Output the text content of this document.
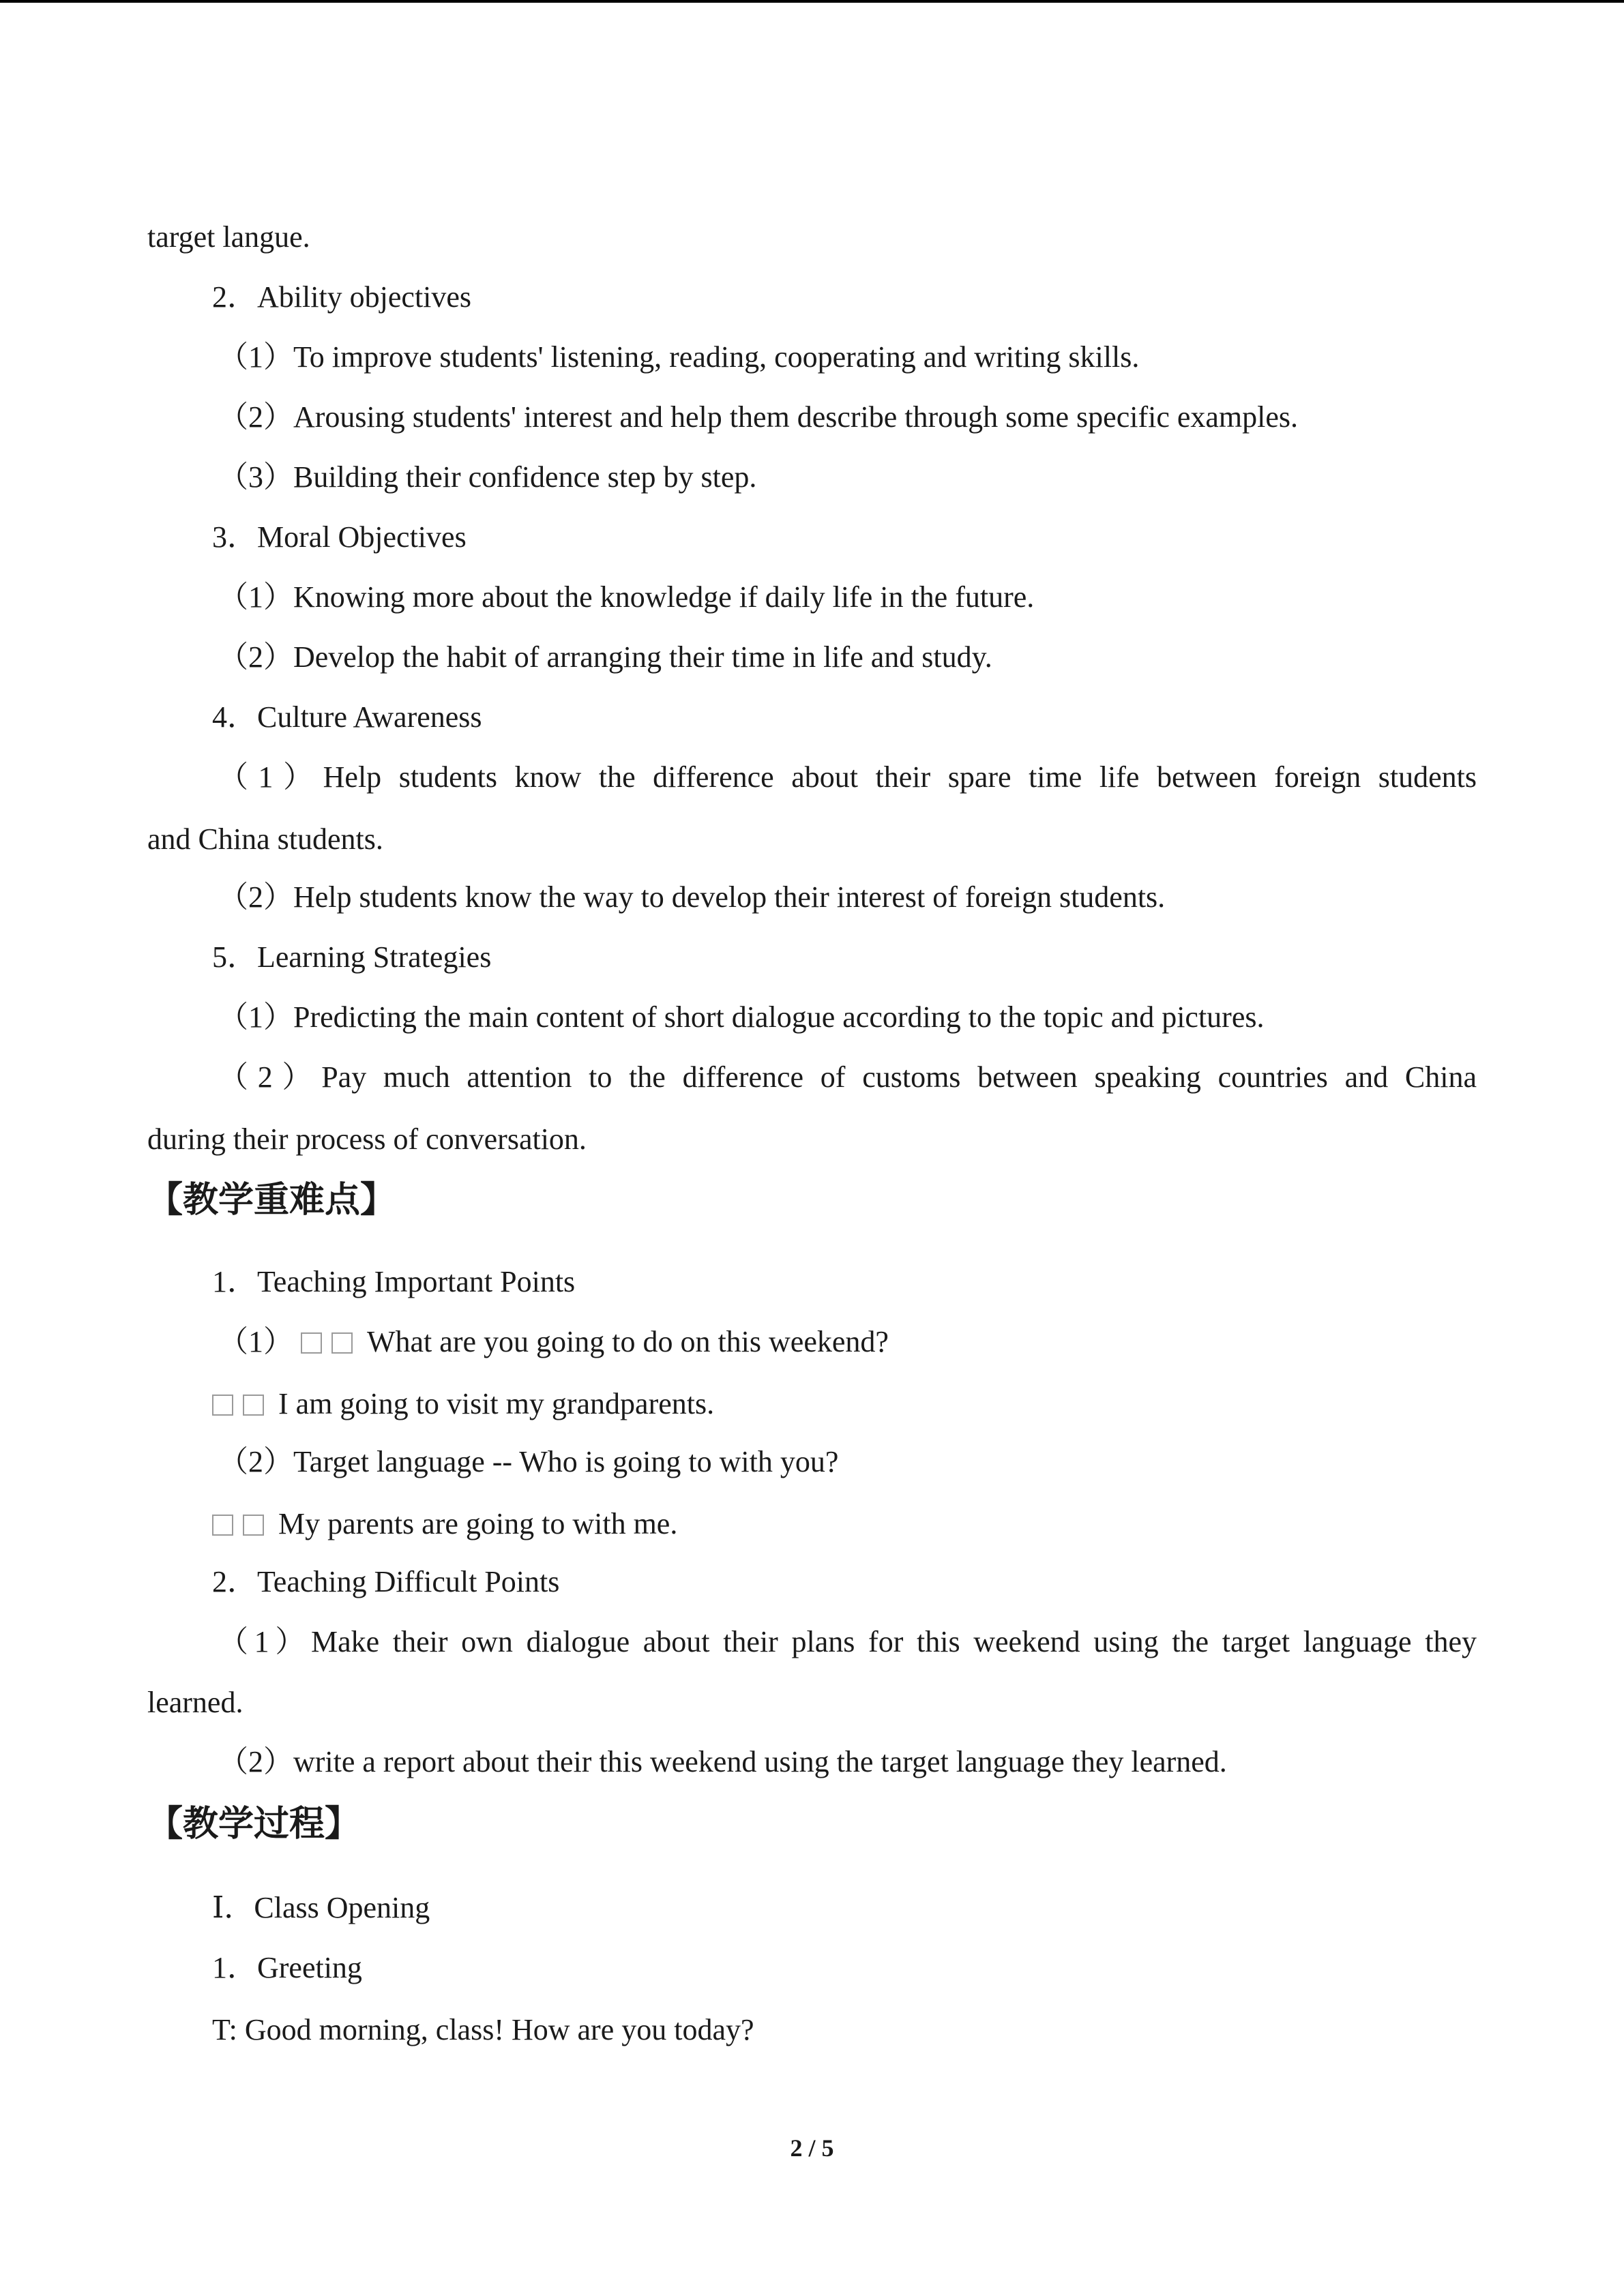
target langue.
2．Ability objectives
（1）To improve students' listening, reading, cooperating and writing skills.
（2）Arousing students' interest and help them describe through some specific examples.
（3）Building their confidence step by step.
3．Moral Objectives
（1）Knowing more about the knowledge if daily life in the future.
（2）Develop the habit of arranging their time in life and study.
4．Culture Awareness
（1）Help students know the difference about their spare time life between foreign students
and China students.
（2）Help students know the way to develop their interest of foreign students.
5．Learning Strategies
（1）Predicting the main content of short dialogue according to the topic and pictures.
（2）Pay much attention to the difference of customs between speaking countries and China
during their process of conversation.
【教学重难点】
1．Teaching Important Points
（1） What are you going to do on this weekend?
I am going to visit my grandparents.
（2）Target language -- Who is going to with you?
My parents are going to with me.
2．Teaching Difficult Points
（1）Make their own dialogue about their plans for this weekend using the target language they
learned.
（2）write a report about their this weekend using the target language they learned.
【教学过程】
Ⅰ．Class Opening
1．Greeting
T: Good morning, class! How are you today?
2 / 5
